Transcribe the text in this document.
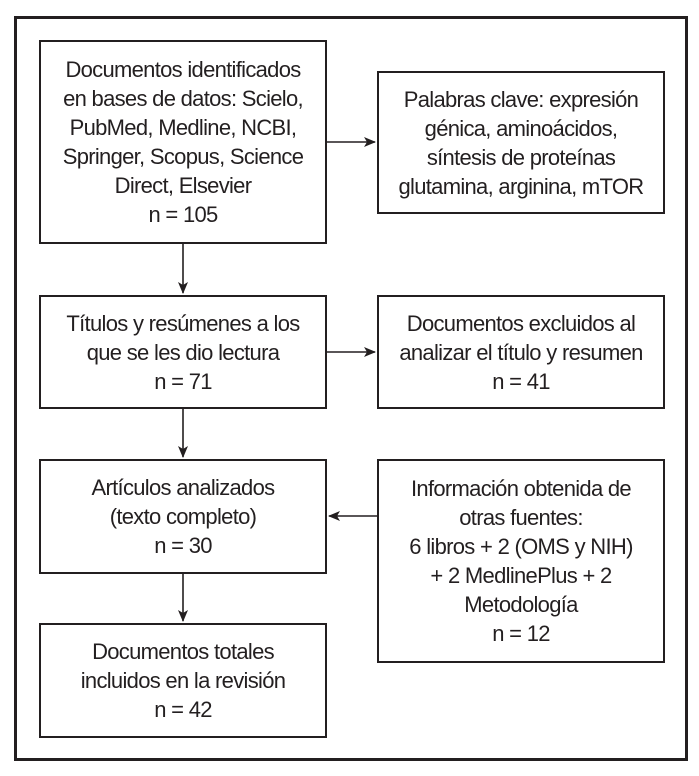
Documentos identificados
en bases de datos: Scielo,
PubMed, Medline, NCBI,
Springer, Scopus, Science
Direct, Elsevier
n = 105
Palabras clave: expresión
génica, aminoácidos,
síntesis de proteínas
glutamina, arginina, mTOR
Títulos y resúmenes a los
que se les dio lectura
n = 71
Documentos excluidos al
analizar el título y resumen
n = 41
Artículos analizados
(texto completo)
n = 30
Información obtenida de
otras fuentes:
6 libros + 2 (OMS y NIH)
+ 2 MedlinePlus + 2
Metodología
n = 12
Documentos totales
incluidos en la revisión
n = 42
